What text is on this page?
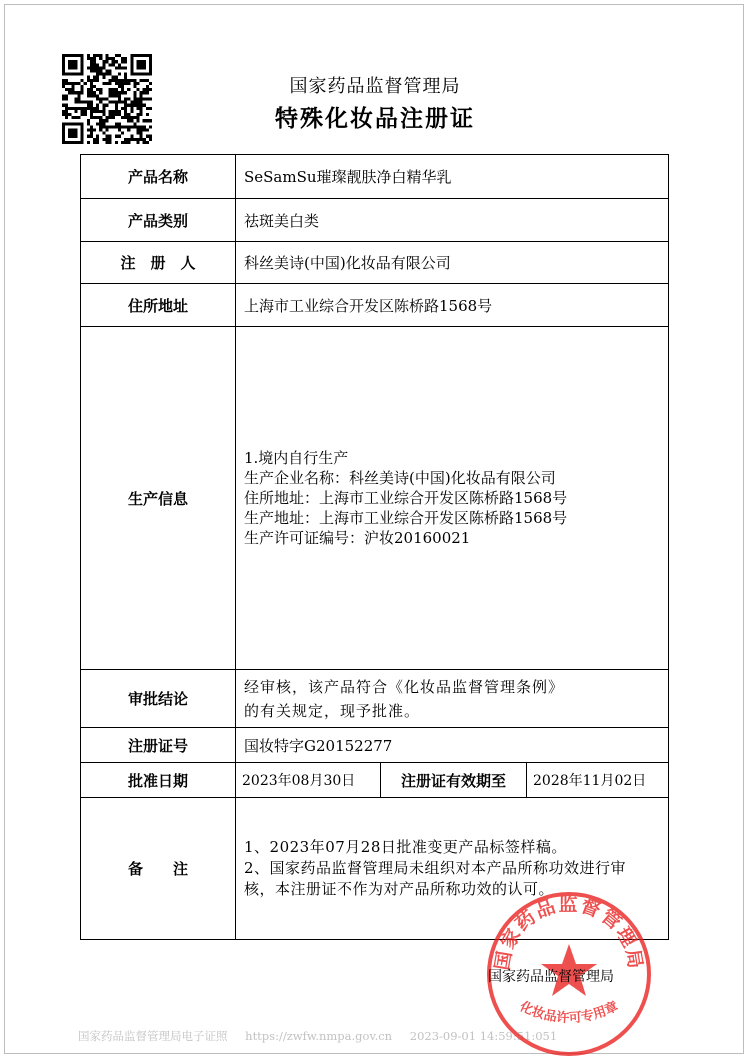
国家药品监督管理局
特殊化妆品注册证
产品名称	SeSamSu璀璨靓肤净白精华乳
产品类别	祛斑美白类
注　册　人	科丝美诗(中国)化妆品有限公司
住所地址	上海市工业综合开发区陈桥路1568号
生产信息	1.境内自行生产
生产企业名称：科丝美诗(中国)化妆品有限公司
住所地址：上海市工业综合开发区陈桥路1568号
生产地址：上海市工业综合开发区陈桥路1568号
生产许可证编号：沪妆20160021

审批结论	经审核，该产品符合《化妆品监督管理条例》
的有关规定，现予批准。

注册证号	国妆特字G20152277
批准日期	2023年08月30日 注册证有效期至 2028年11月02日

备　　注	1、2023年07月28日批准变更产品标签样稿。
2、国家药品监督管理局未组织对本产品所称功效进行审核，本注册证不作为对产品所称功效的认可。
国家药品监督管理局
化妆品许可专用章
国家药品监督管理局
国家药品监督管理局电子证照 https://zwfw.nmpa.gov.cn 2023-09-01 14:59:51:051
